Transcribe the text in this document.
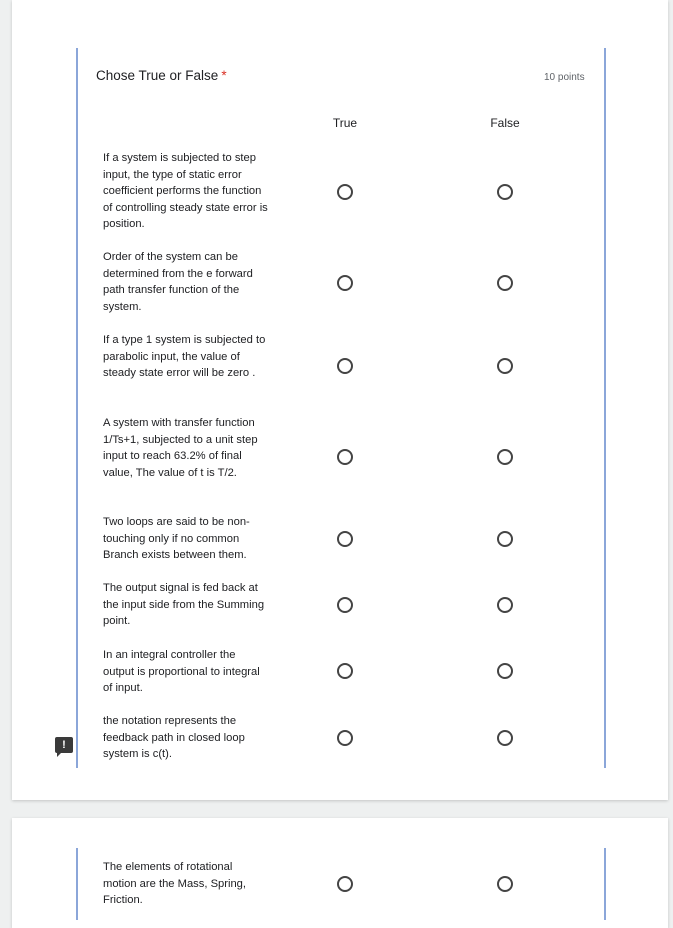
Chose True or False *	10 points
True	False
If a system is subjected to step input, the type of static error coefficient performs the function of controlling steady state error is position.
Order of the system can be determined from the e forward path transfer function of the system.
If a type 1 system is subjected to parabolic input, the value of steady state error will be zero .
A system with transfer function 1/Ts+1, subjected to a unit step input to reach 63.2% of final value, The value of t is T/2.
Two loops are said to be non-touching only if no common Branch exists between them.
The output signal is fed back at the input side from the Summing point.
In an integral controller the output is proportional to integral of input.
the notation represents the feedback path in closed loop system is c(t).
!
The elements of rotational motion are the Mass, Spring, Friction.
